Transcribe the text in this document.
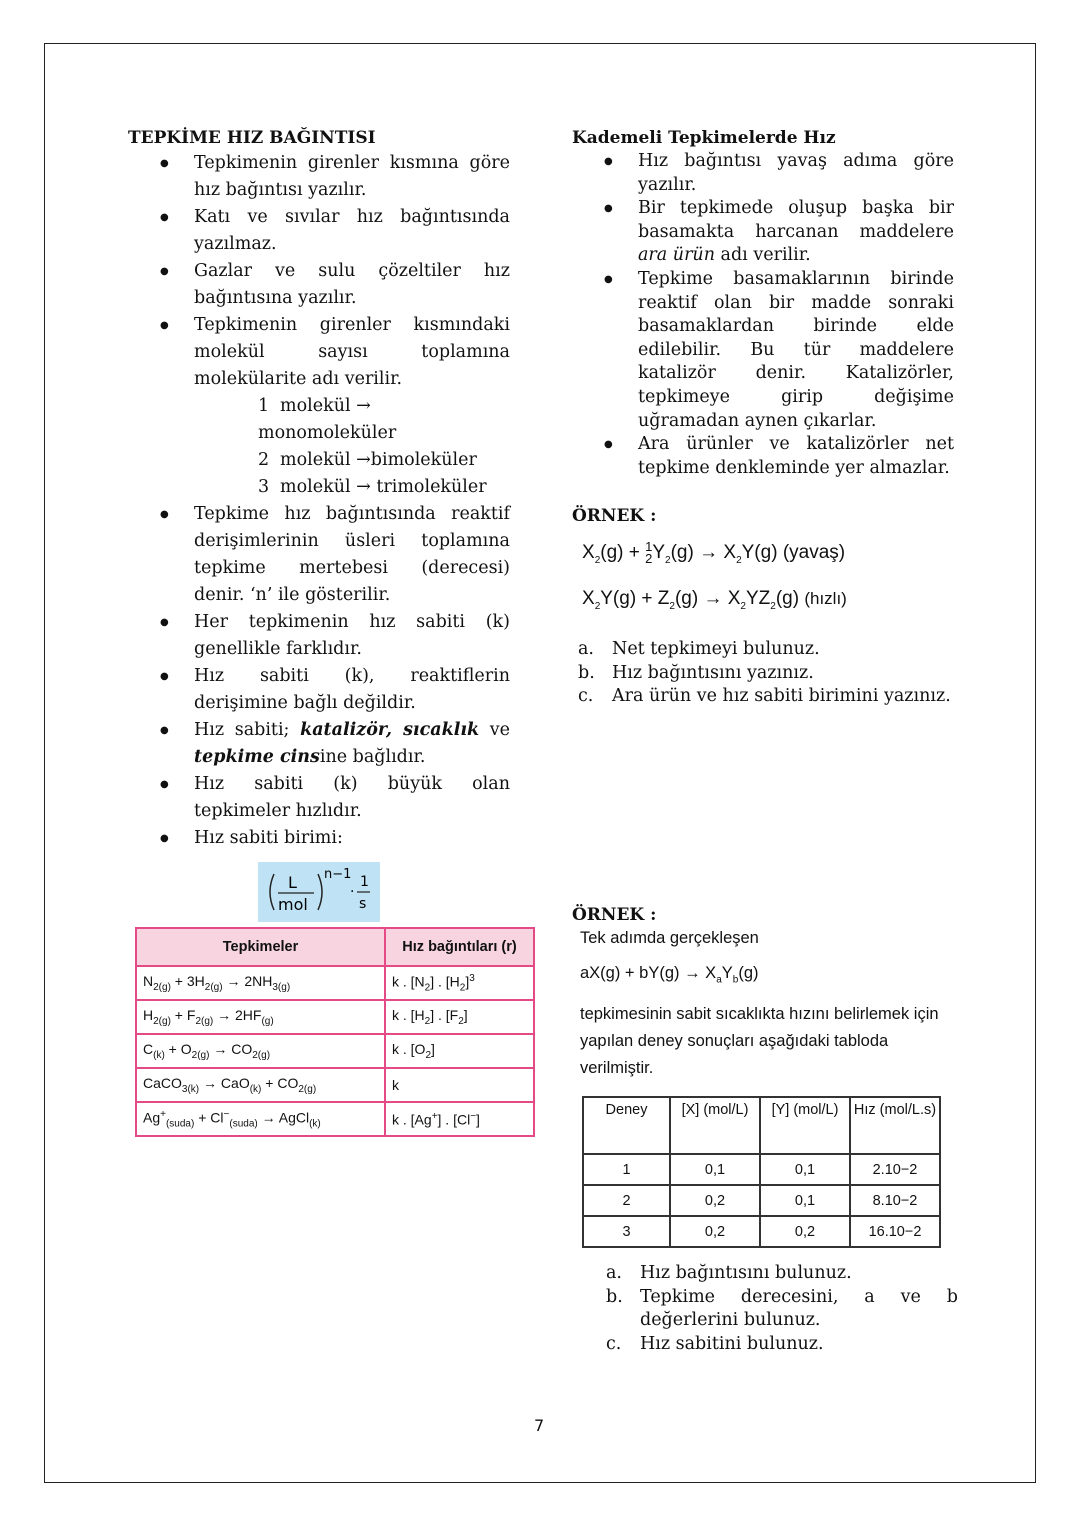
TEPKİME HIZ BAĞINTISI
● Tepkimenin girenler kısmına göre hız bağıntısı yazılır.
● Katı ve sıvılar hız bağıntısında yazılmaz.
● Gazlar ve sulu çözeltiler hız bağıntısına yazılır.
● Tepkimenin girenler kısmındaki molekül sayısı toplamına molekülarite adı verilir.
1 molekül → monomoleküler
2 molekül →bimoleküler
3 molekül → trimoleküler
● Tepkime hız bağıntısında reaktif derişimlerinin üsleri toplamına tepkime mertebesi (derecesi) denir. ‘n’ ile gösterilir.
● Her tepkimenin hız sabiti (k) genellikle farklıdır.
● Hız sabiti (k), reaktiflerin derişimine bağlı değildir.
● Hız sabiti; katalizör, sıcaklık ve tepkime cinsine bağlıdır.
● Hız sabiti (k) büyük olan tepkimeler hızlıdır.
● Hız sabiti birimi:
L
mol
n−1
·
1
s
Tepkimeler	Hız bağıntıları (r)
$N_{2(g)} + 3H_{2(g)} \to 2NH_{3(g)}$	k . $[N_2]$ . $[H_2]^3$
$H_{2(g)} + F_{2(g)} \to 2HF_{(g)}$	k . $[H_2]$ . $[F_2]$
$C_{(k)} + O_{2(g)} \to CO_{2(g)}$	k . $[O_2]$
CaCO$_{3(k)}$ → $CaO_{(k)} + CO_{2(g)}$	k
$Ag^+_{(suda)} + Cl^-_{(suda)}$ → AgCl$_{(k)}$	k . [Ag+] . [Cl−]
Kademeli Tepkimelerde Hız
● Hız bağıntısı yavaş adıma göre yazılır.
● Bir tepkimede oluşup başka bir basamakta harcanan maddelere ara ürün adı verilir.
● Tepkime basamaklarının birinde reaktif olan bir madde sonraki basamaklardan birinde elde edilebilir. Bu tür maddelere katalizör denir. Katalizörler, tepkimeye girip değişime uğramadan aynen çıkarlar.
● Ara ürünler ve katalizörler net tepkime denkleminde yer almazlar.
ÖRNEK :
$X_2(g) + 1$
$2Y_2(g) \to X_2Y(g)$ (yavaş)
$X_2Y(g) + Z_2(g) \to X_2YZ_2(g)$ (hızlı)
a. Net tepkimeyi bulunuz.
b. Hız bağıntısını yazınız.
c. Ara ürün ve hız sabiti birimini yazınız.
ÖRNEK :
Tek adımda gerçekleşen
$aX(g) + bY(g) \to X_aY_b(g)$
tepkimesinin sabit sıcaklıkta hızını belirlemek için yapılan deney sonuçları aşağıdaki tabloda verilmiştir.
Deney	[X] (mol/L)	[Y] (mol/L)	Hız (mol/L.s)
1	0,1	0,1	2.10−2
2	0,2	0,1	8.10−2
3	0,2	0,2	16.10−2
a. Hız bağıntısını bulunuz.
b. Tepkime derecesini, a ve b değerlerini bulunuz.
c. Hız sabitini bulunuz.
7
